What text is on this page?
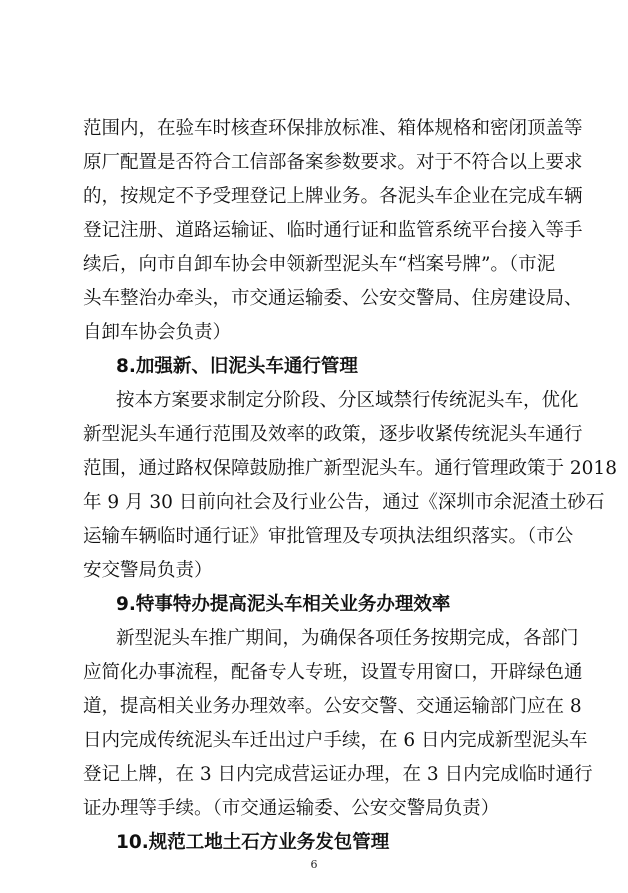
范围内，在验车时核查环保排放标准、箱体规格和密闭顶盖等
原厂配置是否符合工信部备案参数要求。对于不符合以上要求
的，按规定不予受理登记上牌业务。各泥头车企业在完成车辆
登记注册、道路运输证、临时通行证和监管系统平台接入等手
续后，向市自卸车协会申领新型泥头车“档案号牌”。（市泥
头车整治办牵头，市交通运输委、公安交警局、住房建设局、
自卸车协会负责）
8.加强新、旧泥头车通行管理
按本方案要求制定分阶段、分区域禁行传统泥头车，优化
新型泥头车通行范围及效率的政策，逐步收紧传统泥头车通行
范围，通过路权保障鼓励推广新型泥头车。通行管理政策于 2018
年 9 月 30 日前向社会及行业公告，通过《深圳市余泥渣土砂石
运输车辆临时通行证》审批管理及专项执法组织落实。（市公
安交警局负责）
9.特事特办提高泥头车相关业务办理效率
新型泥头车推广期间，为确保各项任务按期完成，各部门
应简化办事流程，配备专人专班，设置专用窗口，开辟绿色通
道，提高相关业务办理效率。公安交警、交通运输部门应在 8
日内完成传统泥头车迁出过户手续，在 6 日内完成新型泥头车
登记上牌，在 3 日内完成营运证办理，在 3 日内完成临时通行
证办理等手续。（市交通运输委、公安交警局负责）
10.规范工地土石方业务发包管理
6
